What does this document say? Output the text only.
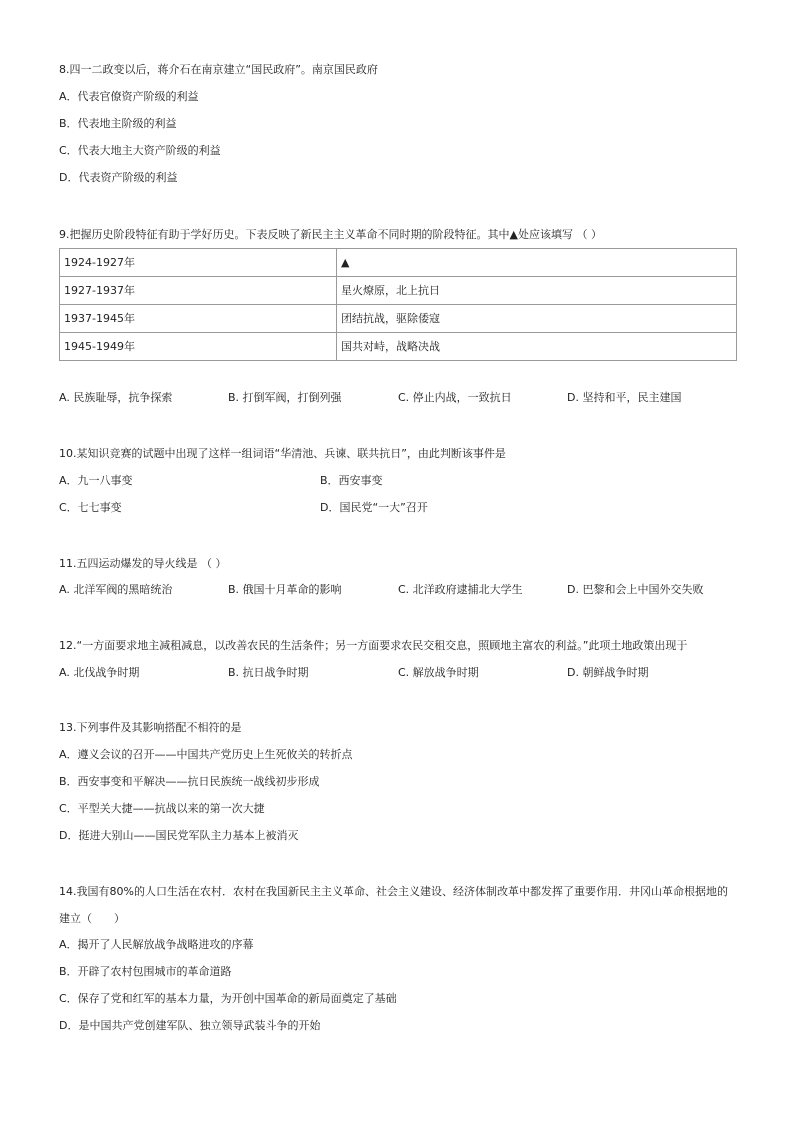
8.四一二政变以后，蒋介石在南京建立“国民政府”。南京国民政府
A．代表官僚资产阶级的利益
B．代表地主阶级的利益
C．代表大地主大资产阶级的利益
D．代表资产阶级的利益
9.把握历史阶段特征有助于学好历史。下表反映了新民主主义革命不同时期的阶段特征。其中▲处应该填写 （ ）
1924-1927年	▲
1927-1937年	星火燎原，北上抗日
1937-1945年	团结抗战，驱除倭寇
1945-1949年	国共对峙，战略决战
A. 民族耻辱，抗争探索	B. 打倒军阀，打倒列强	C. 停止内战，一致抗日	D. 坚持和平，民主建国
10.某知识竞赛的试题中出现了这样一组词语“华清池、兵谏、联共抗日”，由此判断该事件是
A．九一八事变	B．西安事变
C．七七事变	D．国民党“一大”召开
11.五四运动爆发的导火线是 （ ）
A. 北洋军阀的黑暗统治	B. 俄国十月革命的影响	C. 北洋政府逮捕北大学生	D. 巴黎和会上中国外交失败
12.“一方面要求地主减租减息，以改善农民的生活条件；另一方面要求农民交租交息，照顾地主富农的利益。”此项土地政策出现于
A. 北伐战争时期	B. 抗日战争时期	C. 解放战争时期	D. 朝鲜战争时期
13.下列事件及其影响搭配不相符的是
A．遵义会议的召开——中国共产党历史上生死攸关的转折点
B．西安事变和平解决——抗日民族统一战线初步形成
C．平型关大捷——抗战以来的第一次大捷
D．挺进大别山——国民党军队主力基本上被消灭
14.我国有80%的人口生活在农村．农村在我国新民主主义革命、社会主义建设、经济体制改革中都发挥了重要作用．井冈山革命根据地的
建立（　　）
A．揭开了人民解放战争战略进攻的序幕
B．开辟了农村包围城市的革命道路
C．保存了党和红军的基本力量，为开创中国革命的新局面奠定了基础
D．是中国共产党创建军队、独立领导武装斗争的开始
